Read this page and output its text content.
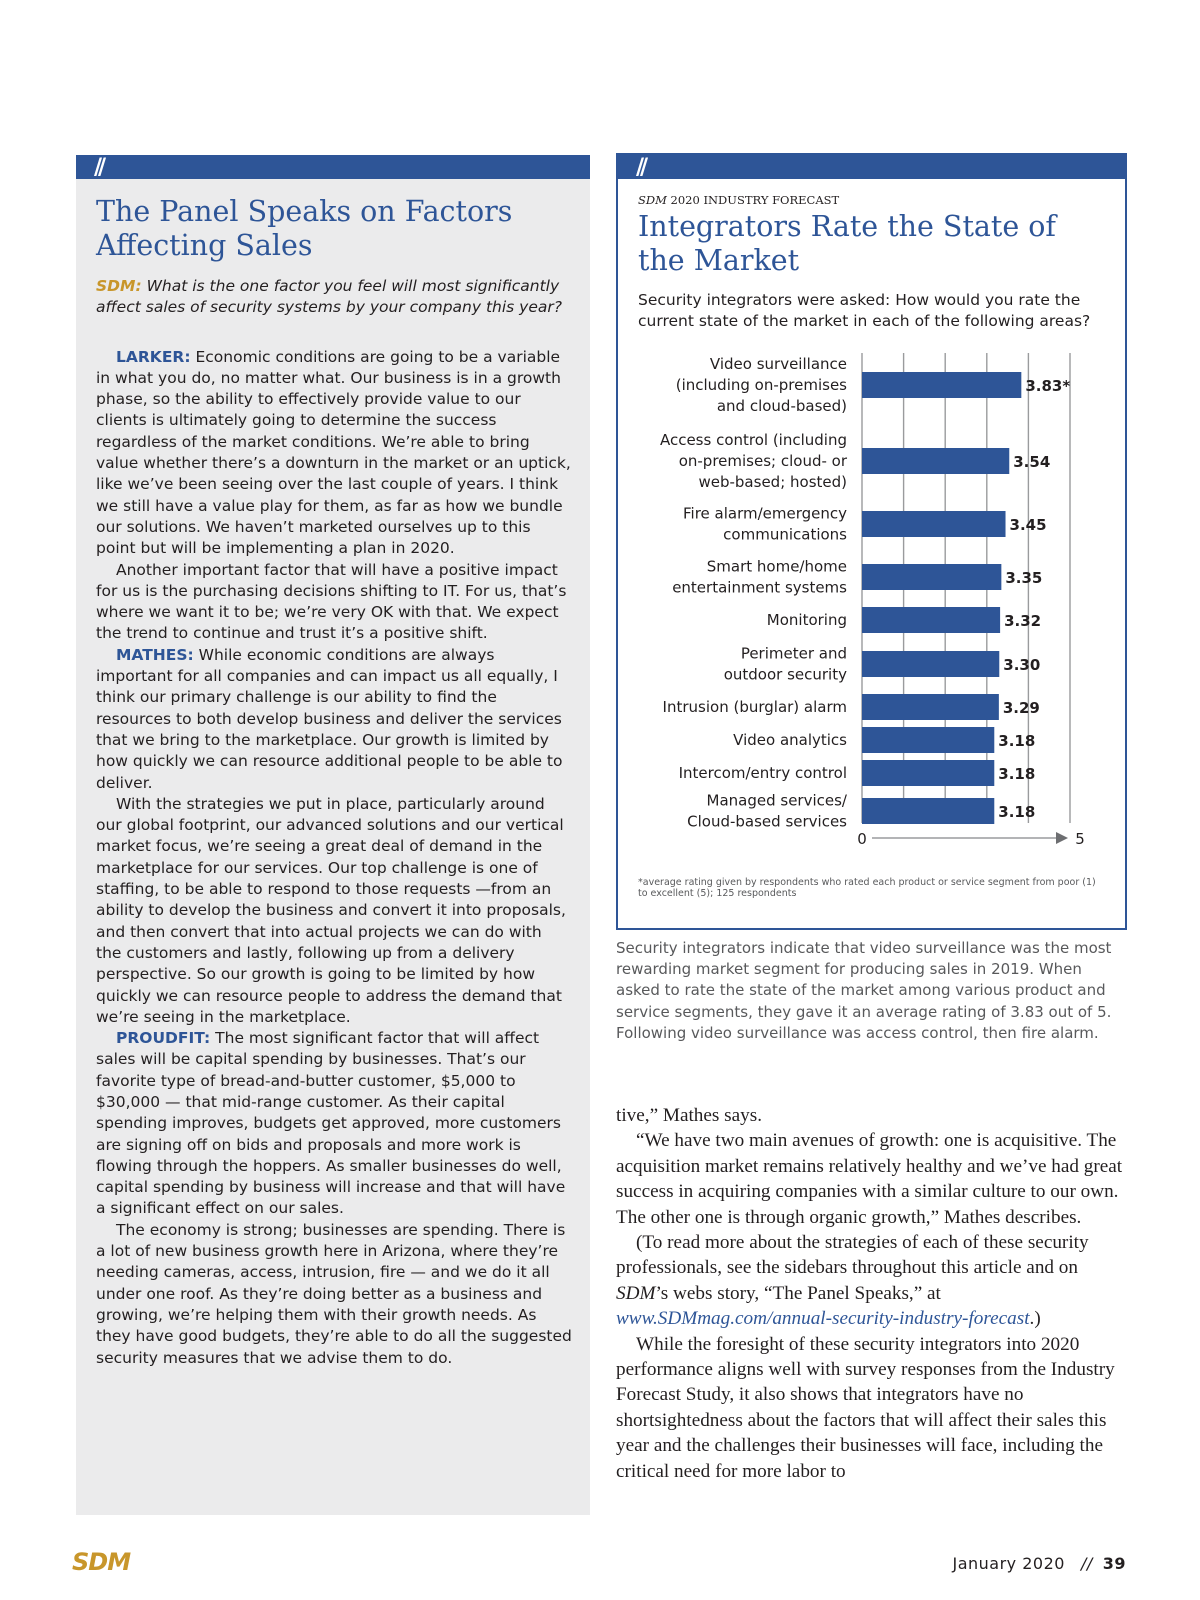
//
The Panel Speaks on Factors Affecting Sales

SDM: What is the one factor you feel will most significantly affect sales of security systems by your company this year?

LARKER: Economic conditions are going to be a variable in what you do, no matter what. Our business is in a growth phase, so the ability to effectively provide value to our clients is ultimately going to determine the success regardless of the market conditions. We’re able to bring value whether there’s a downturn in the market or an uptick, like we’ve been seeing over the last couple of years. I think we still have a value play for them, as far as how we bundle our solutions. We haven’t marketed ourselves up to this point but will be implementing a plan in 2020.

Another important factor that will have a positive impact for us is the purchasing decisions shifting to IT. For us, that’s where we want it to be; we’re very OK with that. We expect the trend to continue and trust it’s a positive shift.

MATHES: While economic conditions are always important for all companies and can impact us all equally, I think our primary challenge is our ability to find the resources to both develop business and deliver the services that we bring to the marketplace. Our growth is limited by how quickly we can resource additional people to be able to deliver.

With the strategies we put in place, particularly around our global footprint, our advanced solutions and our vertical market focus, we’re seeing a great deal of demand in the marketplace for our services. Our top challenge is one of staffing, to be able to respond to those requests —from an ability to develop the business and convert it into proposals, and then convert that into actual projects we can do with the customers and lastly, following up from a delivery perspective. So our growth is going to be limited by how quickly we can resource people to address the demand that we’re seeing in the marketplace.

PROUDFIT: The most significant factor that will affect sales will be capital spending by businesses. That’s our favorite type of bread-and-butter customer, $5,000 to $30,000 — that mid-range customer. As their capital spending improves, budgets get approved, more customers are signing off on bids and proposals and more work is flowing through the hoppers. As smaller businesses do well, capital spending by business will increase and that will have a significant effect on our sales.

The economy is strong; businesses are spending. There is a lot of new business growth here in Arizona, where they’re needing cameras, access, intrusion, fire — and we do it all under one roof. As they’re doing better as a business and growing, we’re helping them with their growth needs. As they have good budgets, they’re able to do all the suggested security measures that we advise them to do.

//
SDM 2020 INDUSTRY FORECAST
Integrators Rate the State of the Market

Security integrators were asked: How would you rate the current state of the market in each of the following areas?

3.83*
Video surveillance
(including on-premises
and cloud-based)
3.54
Access control (including
on-premises; cloud- or
web-based; hosted)
3.45
Fire alarm/emergency
communications
3.35
Smart home/home
entertainment systems
3.32
Monitoring
3.30
Perimeter and
outdoor security
3.29
Intrusion (burglar) alarm
3.18
Video analytics
3.18
Intercom/entry control
3.18
Managed services/
Cloud-based services
0	5
*average rating given by respondents who rated each product or service segment from poor (1) to excellent (5); 125 respondents

Security integrators indicate that video surveillance was the most rewarding market segment for producing sales in 2019. When asked to rate the state of the market among various product and service segments, they gave it an average rating of 3.83 out of 5. Following video surveillance was access control, then fire alarm.

tive,” Mathes says.

“We have two main avenues of growth: one is acquisitive. The acquisition market remains relatively healthy and we’ve had great success in acquiring companies with a similar culture to our own. The other one is through organic growth,” Mathes describes.

(To read more about the strategies of each of these security professionals, see the sidebars throughout this article and on SDM’s webs story, “The Panel Speaks,” at www.SDMmag.com/annual-security-industry-forecast.)

While the foresight of these security integrators into 2020 performance aligns well with survey responses from the Industry Forecast Study, it also shows that integrators have no shortsightedness about the factors that will affect their sales this year and the challenges their businesses will face, including the critical need for more labor to

SDM	January 2020 // 39
